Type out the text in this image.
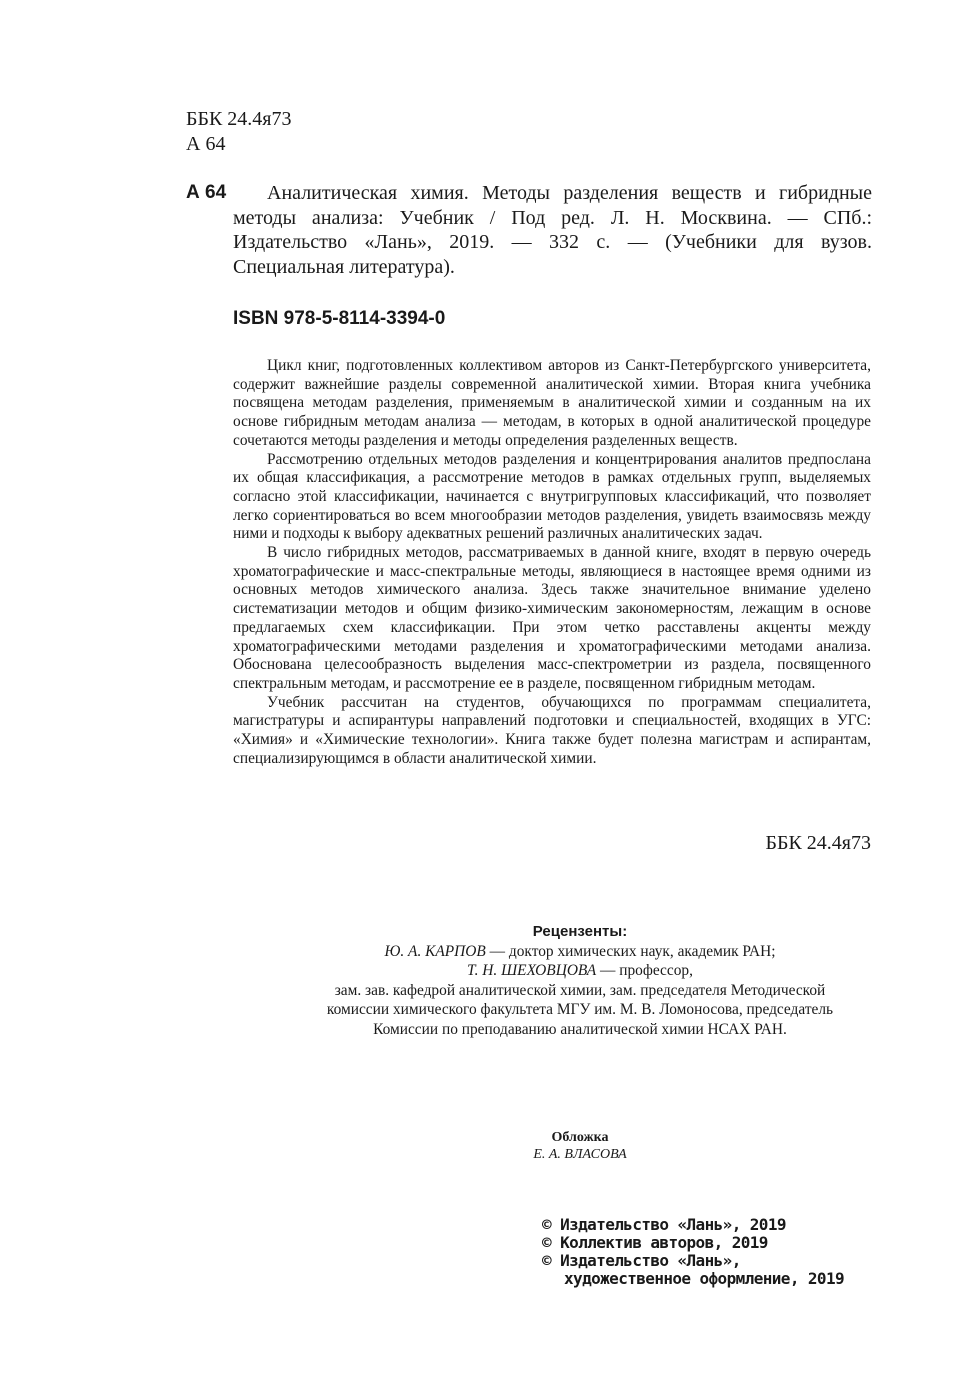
ББК 24.4я73
А 64
А 64	Аналитическая химия. Методы разделения веществ и гибридные методы анализа: Учебник / Под ред. Л. Н. Москвина. — СПб.: Издательство «Лань», 2019. — 332 с. — (Учебники для вузов. Специальная литература).
ISBN 978-5-8114-3394-0

Цикл книг, подготовленных коллективом авторов из Санкт-Петербургского университета, содержит важнейшие разделы современной аналитической химии. Вторая книга учебника посвящена методам разделения, применяемым в аналитической химии и созданным на их основе гибридным методам анализа — методам, в которых в одной аналитической процедуре сочетаются методы разделения и методы определения разделенных веществ.

Рассмотрению отдельных методов разделения и концентрирования аналитов предпослана их общая классификация, а рассмотрение методов в рамках отдельных групп, выделяемых согласно этой классификации, начинается с внутригрупповых классификаций, что позволяет легко сориентироваться во всем многообразии методов разделения, увидеть взаимосвязь между ними и подходы к выбору адекватных решений различных аналитических задач.

В число гибридных методов, рассматриваемых в данной книге, входят в первую очередь хроматографические и масс-спектральные методы, являющиеся в настоящее время одними из основных методов химического анализа. Здесь также значительное внимание уделено систематизации методов и общим физико-химическим закономерностям, лежащим в основе предлагаемых схем классификации. При этом четко расставлены акценты между хроматографическими методами разделения и хроматографическими методами анализа. Обоснована целесообразность выделения масс-спектрометрии из раздела, посвященного спектральным методам, и рассмотрение ее в разделе, посвященном гибридным методам.

Учебник рассчитан на студентов, обучающихся по программам специалитета, магистратуры и аспирантуры направлений подготовки и специальностей, входящих в УГС: «Химия» и «Химические технологии». Книга также будет полезна магистрам и аспирантам, специализирующимся в области аналитической химии.

ББК 24.4я73
Рецензенты:
Ю. А. КАРПОВ — доктор химических наук, академик РАН;
Т. Н. ШЕХОВЦОВА — профессор,
зам. зав. кафедрой аналитической химии, зам. председателя Методической
комиссии химического факультета МГУ им. М. В. Ломоносова, председатель
Комиссии по преподаванию аналитической химии НСАХ РАН.
Обложка
Е. А. ВЛАСОВА
© Издательство «Лань», 2019
© Коллектив авторов, 2019
© Издательство «Лань»,
художественное оформление, 2019
